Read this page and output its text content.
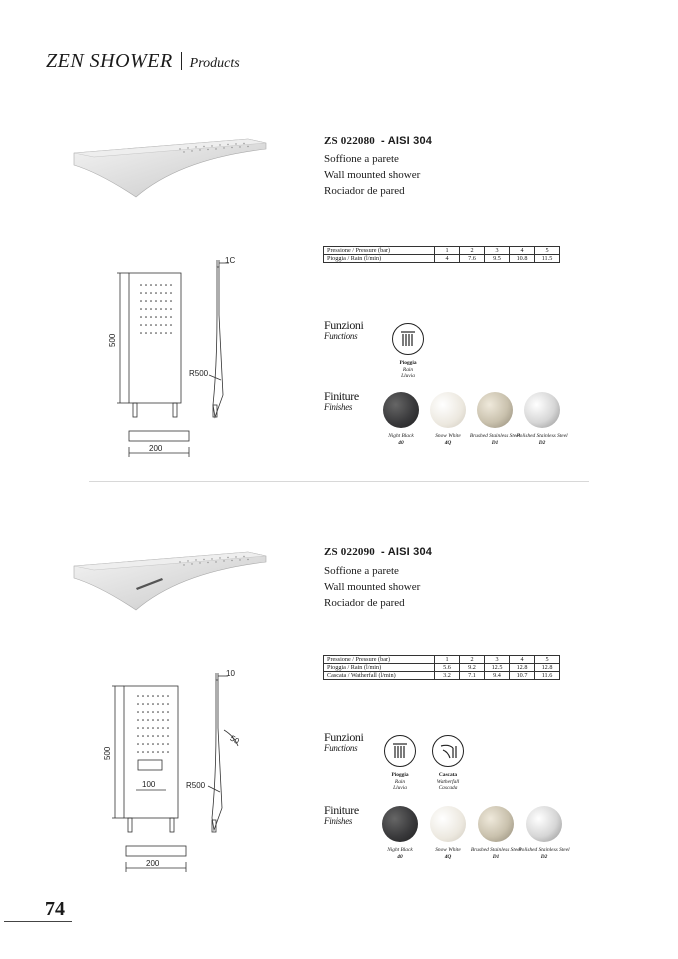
ZEN SHOWER Products
ZS 022080 - AISI 304
Soffione a parete
Wall mounted shower
Rociador de pared
Pressione / Pressure (bar)	1	2	3	4	5
Pioggia / Rain (l/min)	4	7.6	9.5	10.8	11.5
500
1C
R500
200
Funzioni
Functions
Pioggia
Rain
Lluvia
Finiture
Finishes
Night Black
40
Snow White
4Q
Brushed Stainless Steel
D1
Polished Stainless Steel
D2
ZS 022090 - AISI 304
Soffione a parete
Wall mounted shower
Rociador de pared
Pressione / Pressure (bar)	1	2	3	4	5
Pioggia / Rain (l/min)	5.6	9.2	12.5	12.8	12.8
Cascata / Watherfall (l/min)	3.2	7.1	9.4	10.7	11.6
500
10
50
100	R500
200
Funzioni
Functions
Pioggia
Rain
Lluvia
Cascata
Watherfall
Cascada
Finiture
Finishes
Night Black
40
Snow White
4Q
Brushed Stainless Steel
D1
Polished Stainless Steel
D2
74
